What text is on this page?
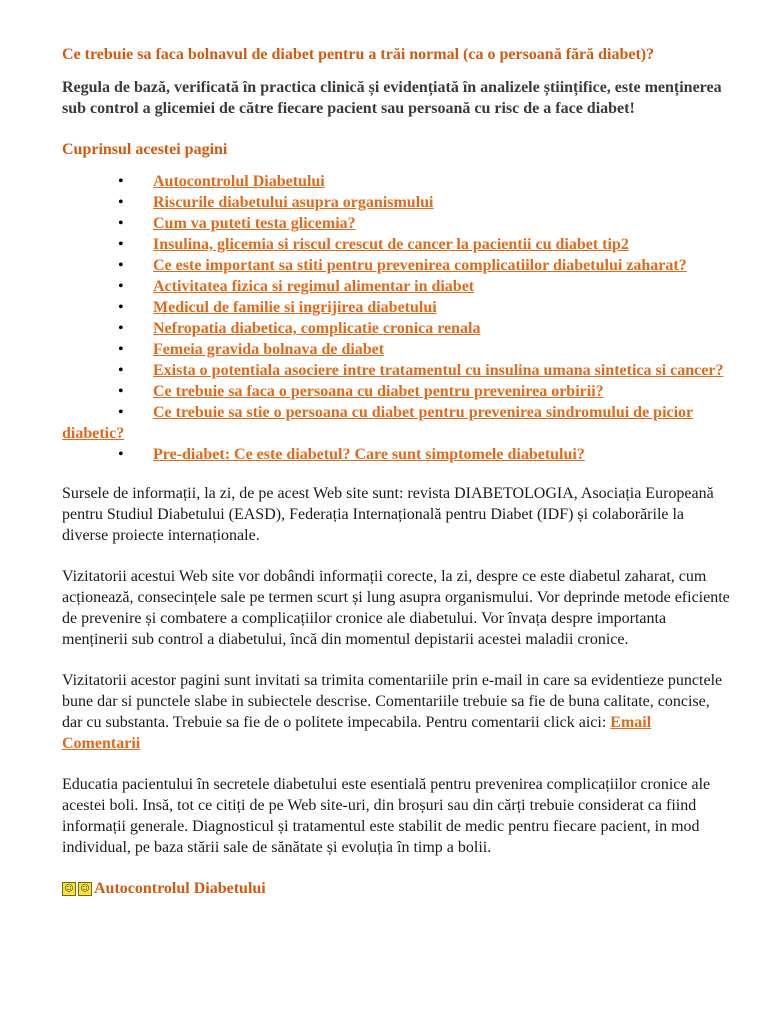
Ce trebuie sa faca bolnavul de diabet pentru a trăi normal (ca o persoană fără diabet)?
Regula de bază, verificată în practica clinică și evidențiată în analizele științifice, este menținerea sub control a glicemiei de către fiecare pacient sau persoană cu risc de a face diabet!
Cuprinsul acestei pagini
• Autocontrolul Diabetului
• Riscurile diabetului asupra organismului
• Cum va puteti testa glicemia?
• Insulina, glicemia si riscul crescut de cancer la pacientii cu diabet tip2
• Ce este important sa stiti pentru prevenirea complicatiilor diabetului zaharat?
• Activitatea fizica si regimul alimentar in diabet
• Medicul de familie si ingrijirea diabetului
• Nefropatia diabetica, complicatie cronica renala
• Femeia gravida bolnava de diabet
• Exista o potentiala asociere intre tratamentul cu insulina umana sintetica si cancer?
• Ce trebuie sa faca o persoana cu diabet pentru prevenirea orbirii?
• Ce trebuie sa stie o persoana cu diabet pentru prevenirea sindromului de picior diabetic?
• Pre-diabet: Ce este diabetul? Care sunt simptomele diabetului?

Sursele de informații, la zi, de pe acest Web site sunt: revista DIABETOLOGIA, Asociația Europeană pentru Studiul Diabetului (EASD), Federația Internațională pentru Diabet (IDF) și colaborările la diverse proiecte internaționale.

Vizitatorii acestui Web site vor dobândi informații corecte, la zi, despre ce este diabetul zaharat, cum acționează, consecințele sale pe termen scurt și lung asupra organismului. Vor deprinde metode eficiente de prevenire și combatere a complicațiilor cronice ale diabetului. Vor învața despre importanta menținerii sub control a diabetului, încă din momentul depistarii acestei maladii cronice.

Vizitatorii acestor pagini sunt invitati sa trimita comentariile prin e-mail in care sa evidentieze punctele bune dar si punctele slabe in subiectele descrise. Comentariile trebuie sa fie de buna calitate, concise, dar cu substanta. Trebuie sa fie de o politete impecabila. Pentru comentarii click aici: Email Comentarii

Educatia pacientului în secretele diabetului este esentială pentru prevenirea complicațiilor cronice ale acestei boli. Insă, tot ce citiți de pe Web site-uri, din broșuri sau din cărți trebuie considerat ca fiind informații generale. Diagnosticul și tratamentul este stabilit de medic pentru fiecare pacient, in mod individual, pe baza stării sale de sănătate și evoluția în timp a bolii.

☺ ☺ Autocontrolul Diabetului
